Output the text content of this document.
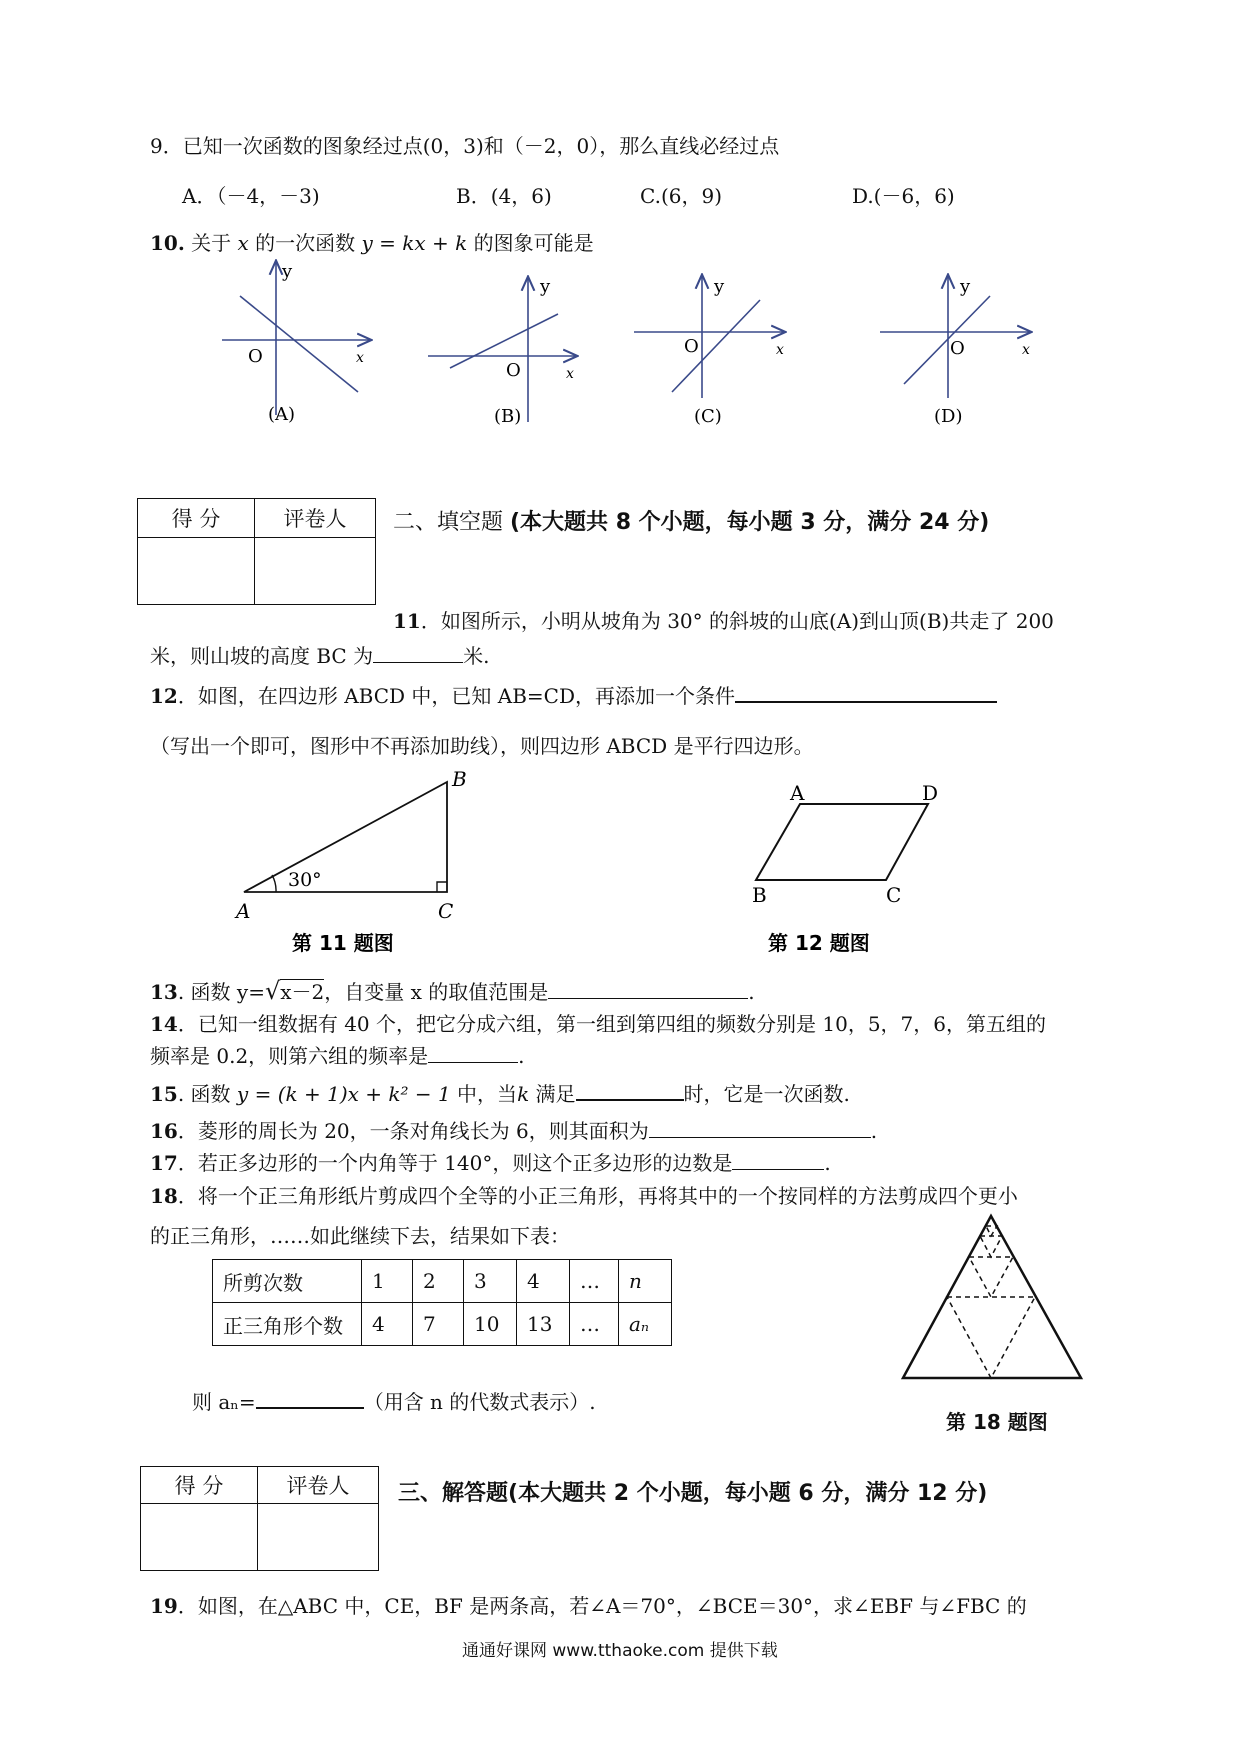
9．已知一次函数的图象经过点(0，3)和（－2，0），那么直线必经过点
A．（－4，－3)	B．(4，6)	C.(6，9)	D.(－6，6)
10. 关于 x 的一次函数 y = kx + k 的图象可能是
y
x
O
(A)
y
x
O
(B)
y
x
O
(C)
y
x
O
(D)
得 分	评卷人
	二、填空题 (本大题共 8 个小题，每小题 3 分，满分 24 分)
11．如图所示，小明从坡角为 30° 的斜坡的山底(A)到山顶(B)共走了 200
米，则山坡的高度 BC 为	米.
12．如图，在四边形 ABCD 中，已知 AB=CD，再添加一个条件
（写出一个即可，图形中不再添加助线），则四边形 ABCD 是平行四边形。
A
B
C
30°
第 11 题图
A	D
B	C
第 12 题图
13. 函数 y=√x－2，自变量 x 的取值范围是	.
14．已知一组数据有 40 个，把它分成六组，第一组到第四组的频数分别是 10，5，7，6，第五组的
频率是 0.2，则第六组的频率是	.
15. 函数 y = (k + 1)x + k² − 1 中，当k 满足	时，它是一次函数.
16．菱形的周长为 20，一条对角线长为 6，则其面积为	.
17．若正多边形的一个内角等于 140°，则这个正多边形的边数是	.
18．将一个正三角形纸片剪成四个全等的小正三角形，再将其中的一个按同样的方法剪成四个更小
的正三角形，……如此继续下去，结果如下表：
所剪次数	1	2	3	4	…	n
正三角形个数	4	7	10	13	…	aₙ
则 aₙ=	（用含 n 的代数式表示）.
第 18 题图
得 分	评卷人
	三、解答题(本大题共 2 个小题，每小题 6 分，满分 12 分)
19．如图，在△ABC 中，CE，BF 是两条高，若∠A＝70°，∠BCE＝30°，求∠EBF 与∠FBC 的
通通好课网 www.tthaoke.com 提供下载
